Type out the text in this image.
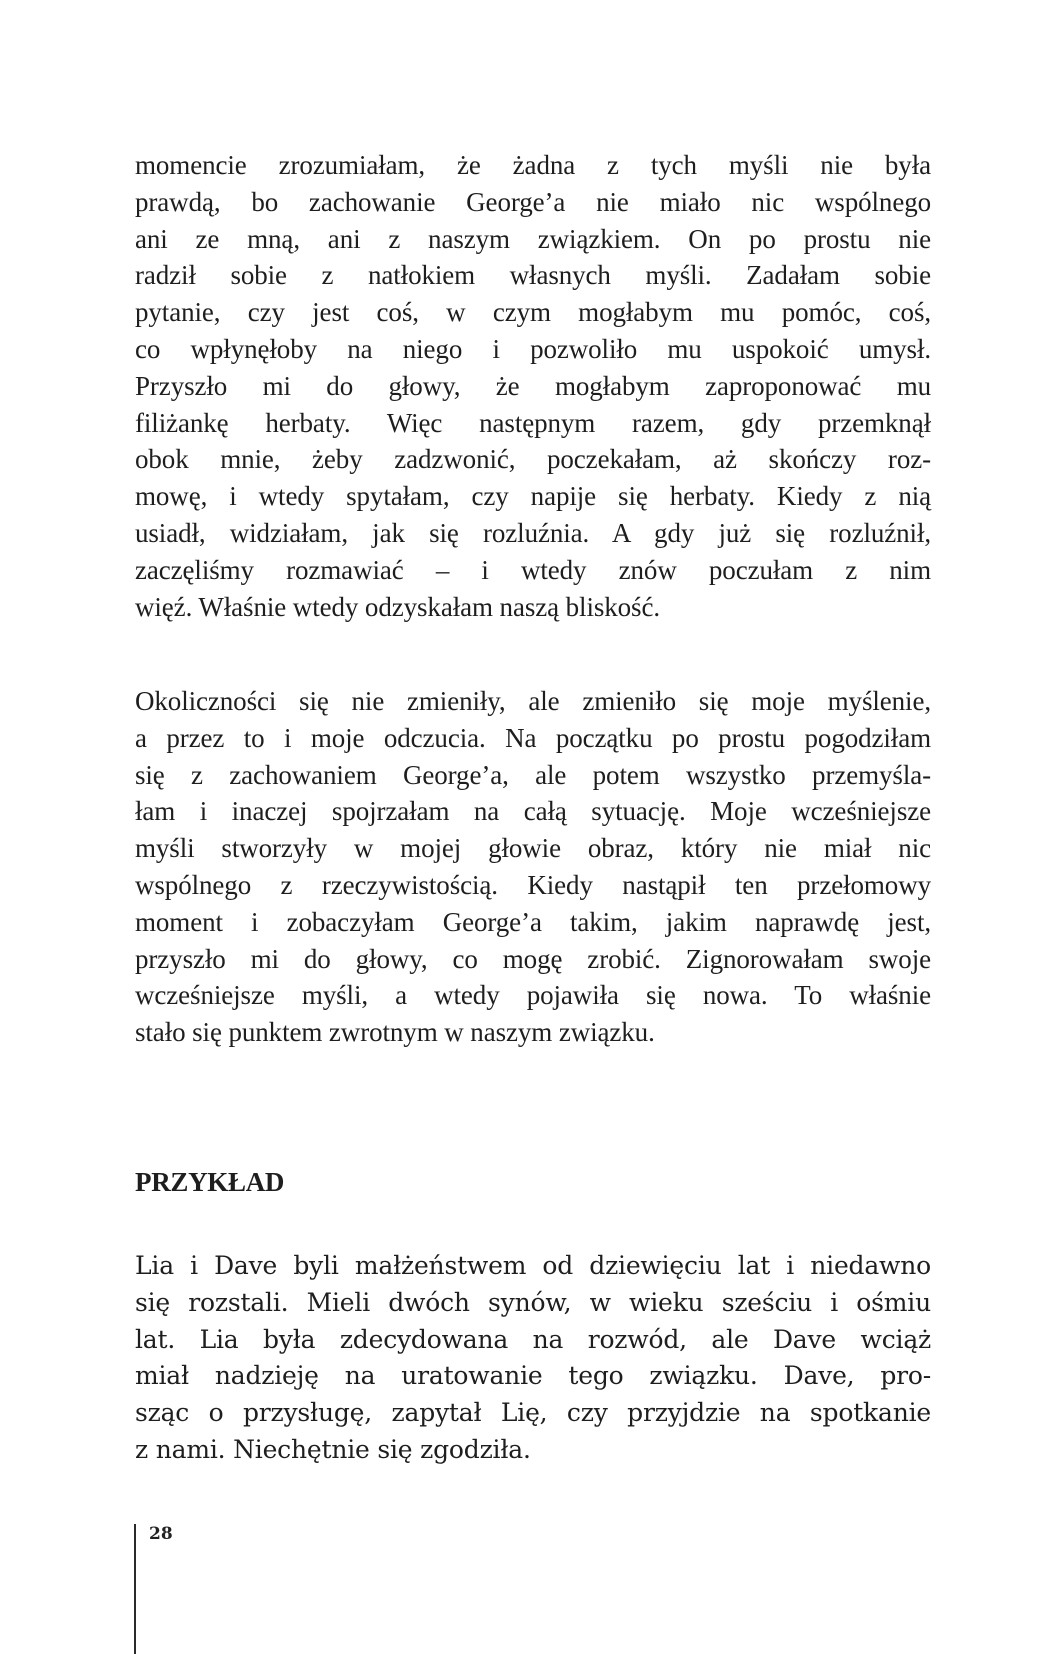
momencie zrozumiałam, że żadna z tych myśli nie była
prawdą, bo zachowanie George’a nie miało nic wspólnego
ani ze mną, ani z naszym związkiem. On po prostu nie
radził sobie z natłokiem własnych myśli. Zadałam sobie
pytanie, czy jest coś, w czym mogłabym mu pomóc, coś,
co wpłynęłoby na niego i pozwoliło mu uspokoić umysł.
Przyszło mi do głowy, że mogłabym zaproponować mu
filiżankę herbaty. Więc następnym razem, gdy przemknął
obok mnie, żeby zadzwonić, poczekałam, aż skończy roz-
mowę, i wtedy spytałam, czy napije się herbaty. Kiedy z nią
usiadł, widziałam, jak się rozluźnia. A gdy już się rozluźnił,
zaczęliśmy rozmawiać – i wtedy znów poczułam z nim
więź. Właśnie wtedy odzyskałam naszą bliskość.
Okoliczności się nie zmieniły, ale zmieniło się moje myślenie,
a przez to i moje odczucia. Na początku po prostu pogodziłam
się z zachowaniem George’a, ale potem wszystko przemyśla-
łam i inaczej spojrzałam na całą sytuację. Moje wcześniejsze
myśli stworzyły w mojej głowie obraz, który nie miał nic
wspólnego z rzeczywistością. Kiedy nastąpił ten przełomowy
moment i zobaczyłam George’a takim, jakim naprawdę jest,
przyszło mi do głowy, co mogę zrobić. Zignorowałam swoje
wcześniejsze myśli, a wtedy pojawiła się nowa. To właśnie
stało się punktem zwrotnym w naszym związku.
PRZYKŁAD
Lia i Dave byli małżeństwem od dziewięciu lat i niedawno
się rozstali. Mieli dwóch synów, w wieku sześciu i ośmiu
lat. Lia była zdecydowana na rozwód, ale Dave wciąż
miał nadzieję na uratowanie tego związku. Dave, pro-
sząc o przysługę, zapytał Lię, czy przyjdzie na spotkanie
z nami. Niechętnie się zgodziła.
28
